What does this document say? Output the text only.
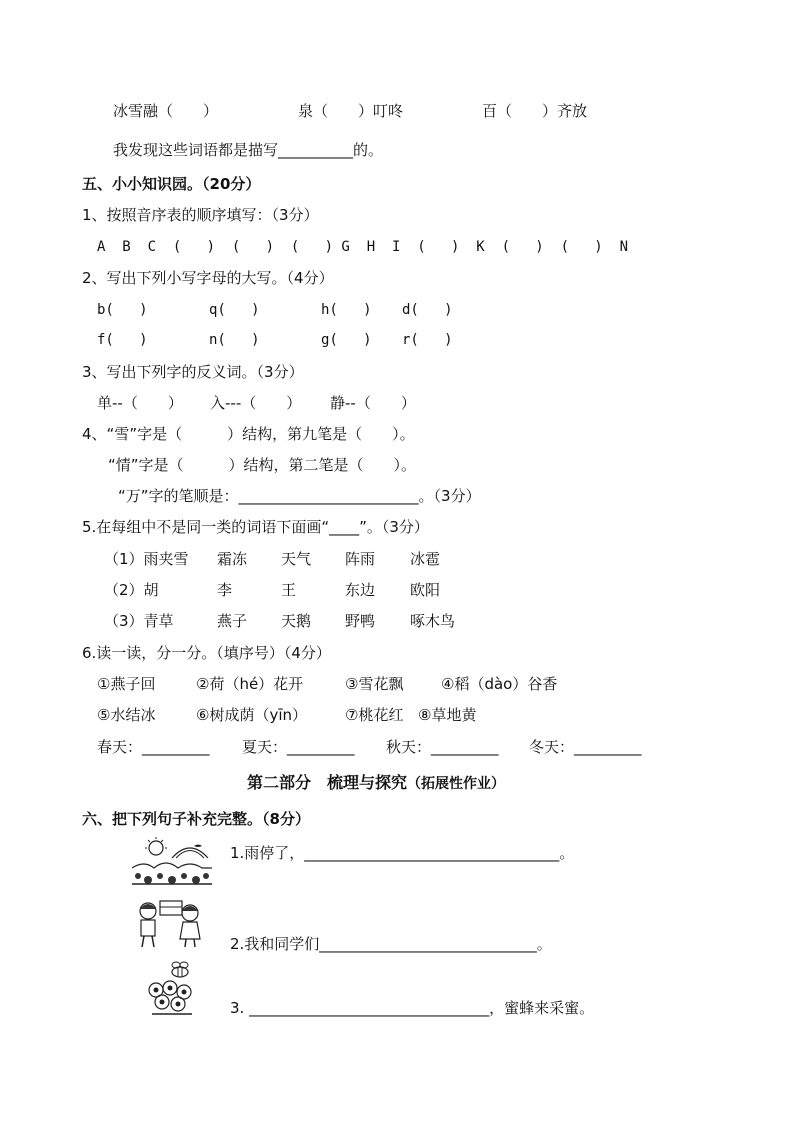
冰雪融（　　）	泉（　　）叮咚	百（　　）齐放
我发现这些词语都是描写__________的。
五、小小知识园。（20分）
1、按照音序表的顺序填写：（3分）
A  B  C  (   )  (   )  (   ) G  H  I  (   )  K  (   )  (   )  N
2、写出下列小写字母的大写。（4分）
b(   )	q(   )	h(   ) d(   )
f(   )	n(   )	g(   ) r(   )
3、写出下列字的反义词。（3分）
单--（　　） 入---（　　） 静--（　　）
4、“雪”字是（　　　）结构，第九笔是（　　）。
“情”字是（　　　）结构，第二笔是（　　）。
“万”字的笔顺是：________________________。（3分）
5.在每组中不是同一类的词语下面画“____”。（3分）
（1）雨夹雪 霜冻 天气 阵雨 冰雹
（2）胡	李	王	东边 欧阳
（3）青草	燕子 天鹅 野鸭 啄木鸟
6.读一读，分一分。（填序号）（4分）
①燕子回	②荷（hé）花开	③雪花飘	④稻（dào）谷香
⑤水结冰	⑥树成荫（yīn）	⑦桃花红 ⑧草地黄
春天：_________ 夏天：_________ 秋天：_________ 冬天：_________
第二部分　梳理与探究（拓展性作业）
六、把下列句子补充完整。（8分）
1.雨停了，__________________________________。
2.我和同学们_____________________________。
3. ________________________________，蜜蜂来采蜜。
